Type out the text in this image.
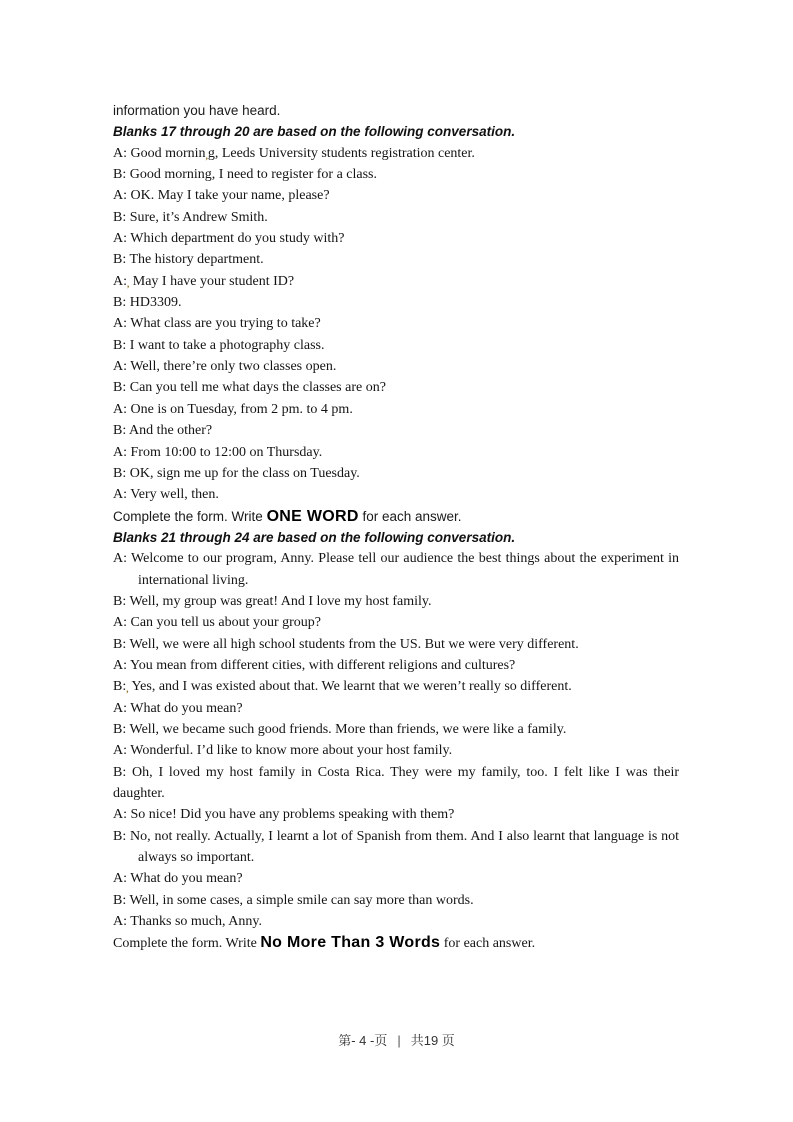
information you have heard.
Blanks 17 through 20 are based on the following conversation.
A: Good mornin,g, Leeds University students registration center.
B: Good morning, I need to register for a class.
A: OK. May I take your name, please?
B: Sure, it’s Andrew Smith.
A: Which department do you study with?
B: The history department.
A:, May I have your student ID?
B: HD3309.
A: What class are you trying to take?
B: I want to take a photography class.
A: Well, there’re only two classes open.
B: Can you tell me what days the classes are on?
A: One is on Tuesday, from 2 pm. to 4 pm.
B: And the other?
A: From 10:00 to 12:00 on Thursday.
B: OK, sign me up for the class on Tuesday.
A: Very well, then.
Complete the form. Write ONE WORD for each answer.
Blanks 21 through 24 are based on the following conversation.
A: Welcome to our program, Anny. Please tell our audience the best things about the experiment in
international living.
B: Well, my group was great! And I love my host family.
A: Can you tell us about your group?
B: Well, we were all high school students from the US. But we were very different.
A: You mean from different cities, with different religions and cultures?
B:, Yes, and I was existed about that. We learnt that we weren’t really so different.
A: What do you mean?
B: Well, we became such good friends. More than friends, we were like a family.
A: Wonderful. I’d like to know more about your host family.
B: Oh, I loved my host family in Costa Rica. They were my family, too. I felt like I was their
daughter.
A: So nice! Did you have any problems speaking with them?
B: No, not really. Actually, I learnt a lot of Spanish from them. And I also learnt that language is not
always so important.
A: What do you mean?
B: Well, in some cases, a simple smile can say more than words.
A: Thanks so much, Anny.
Complete the form. Write No More Than 3 Words for each answer.
第- 4 -页 | 共19 页
